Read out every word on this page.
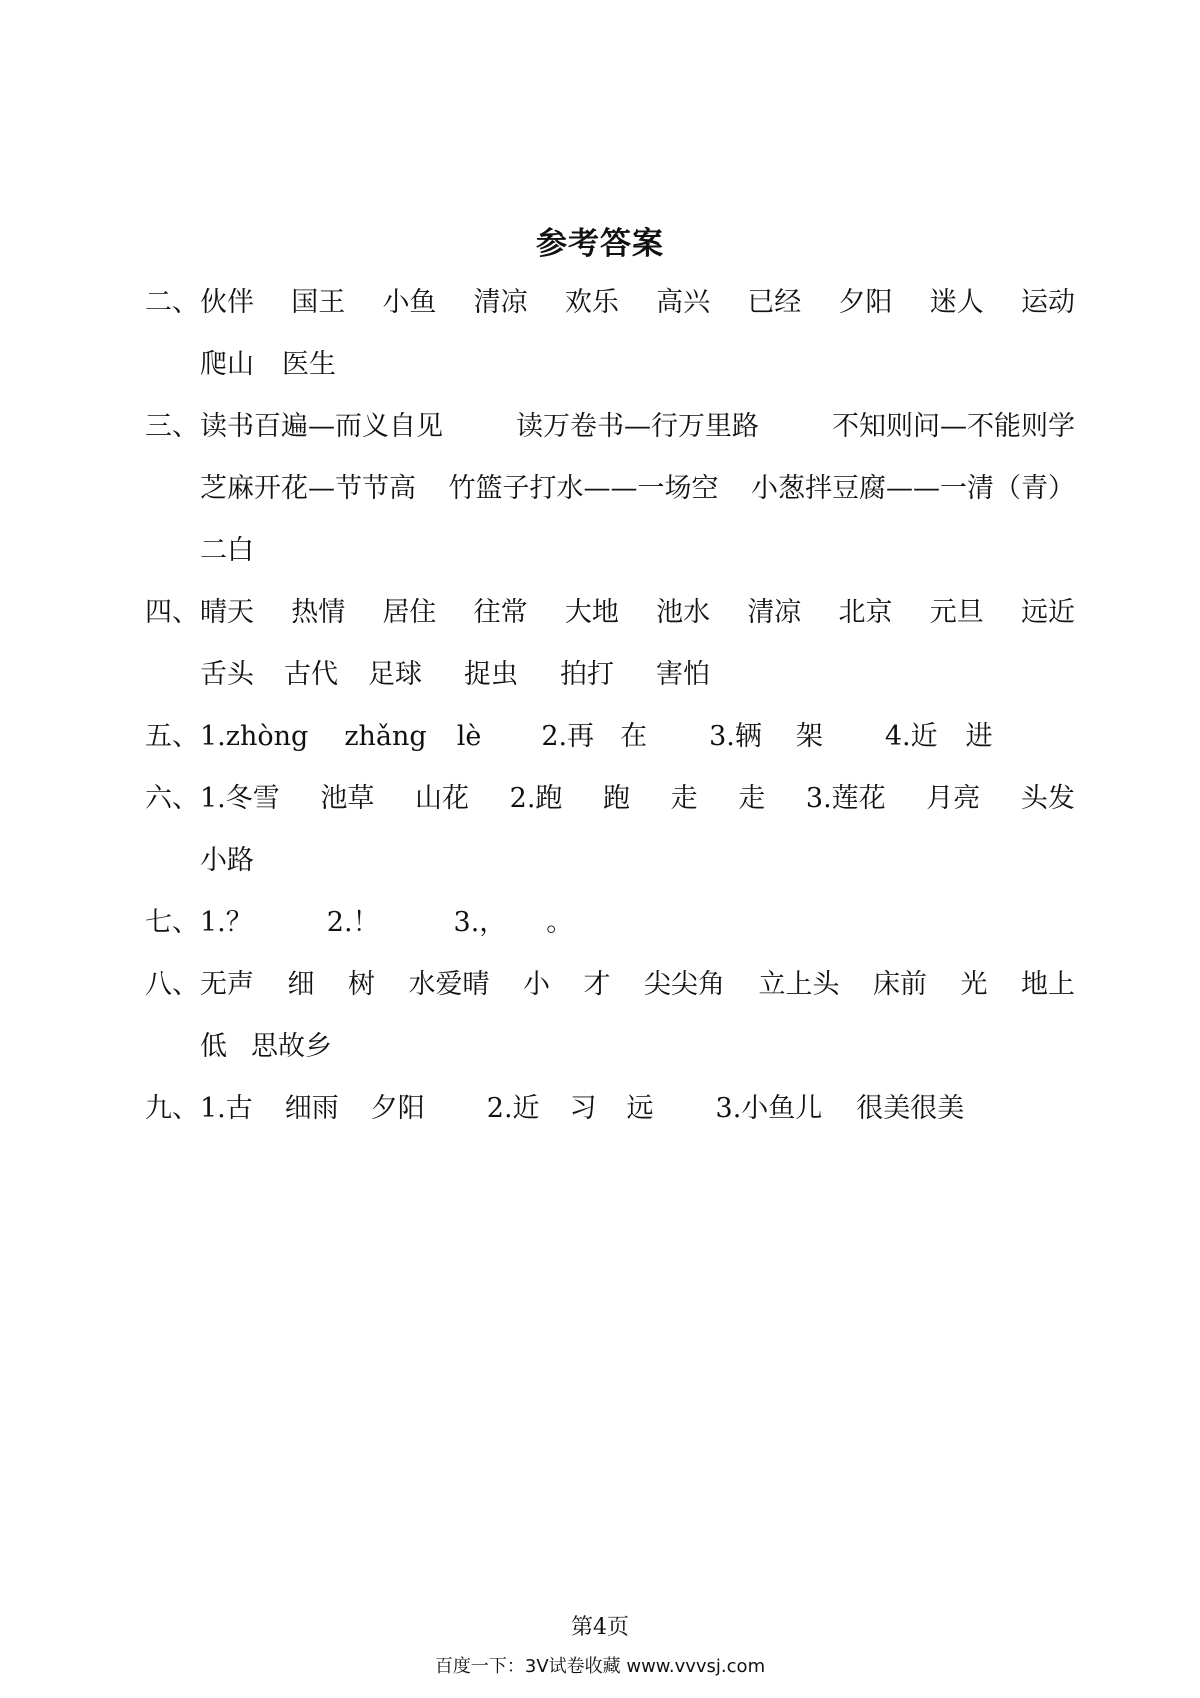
参考答案
二、 伙伴 国王 小鱼 清凉 欢乐 高兴 已经 夕阳 迷人 运动
爬山 医生
三、 读书百遍—而义自见	读万卷书—行万里路	不知则问—不能则学
芝麻开花—节节高 竹篮子打水——一场空 小葱拌豆腐——一清（青）
二白
四、 晴天 热情 居住 往常 大地 池水 清凉 北京 元旦 远近
舌头 古代 足球 捉虫 拍打 害怕
五、 1.zhòng zhǎng lè 2.再 在 3.辆 架 4.近 进
六、 1.冬雪 池草 山花 2.跑 跑 走 走 3.莲花 月亮 头发
小路
七、 1.？	2.！	3.， 。
八、 无声 细 树 水爱晴 小 才 尖尖角 立上头 床前 光 地上
低 思故乡
九、 1.古 细雨 夕阳 2.近 习 远 3.小鱼儿 很美很美
第4页
百度一下：3V试卷收藏 www.vvvsj.com
